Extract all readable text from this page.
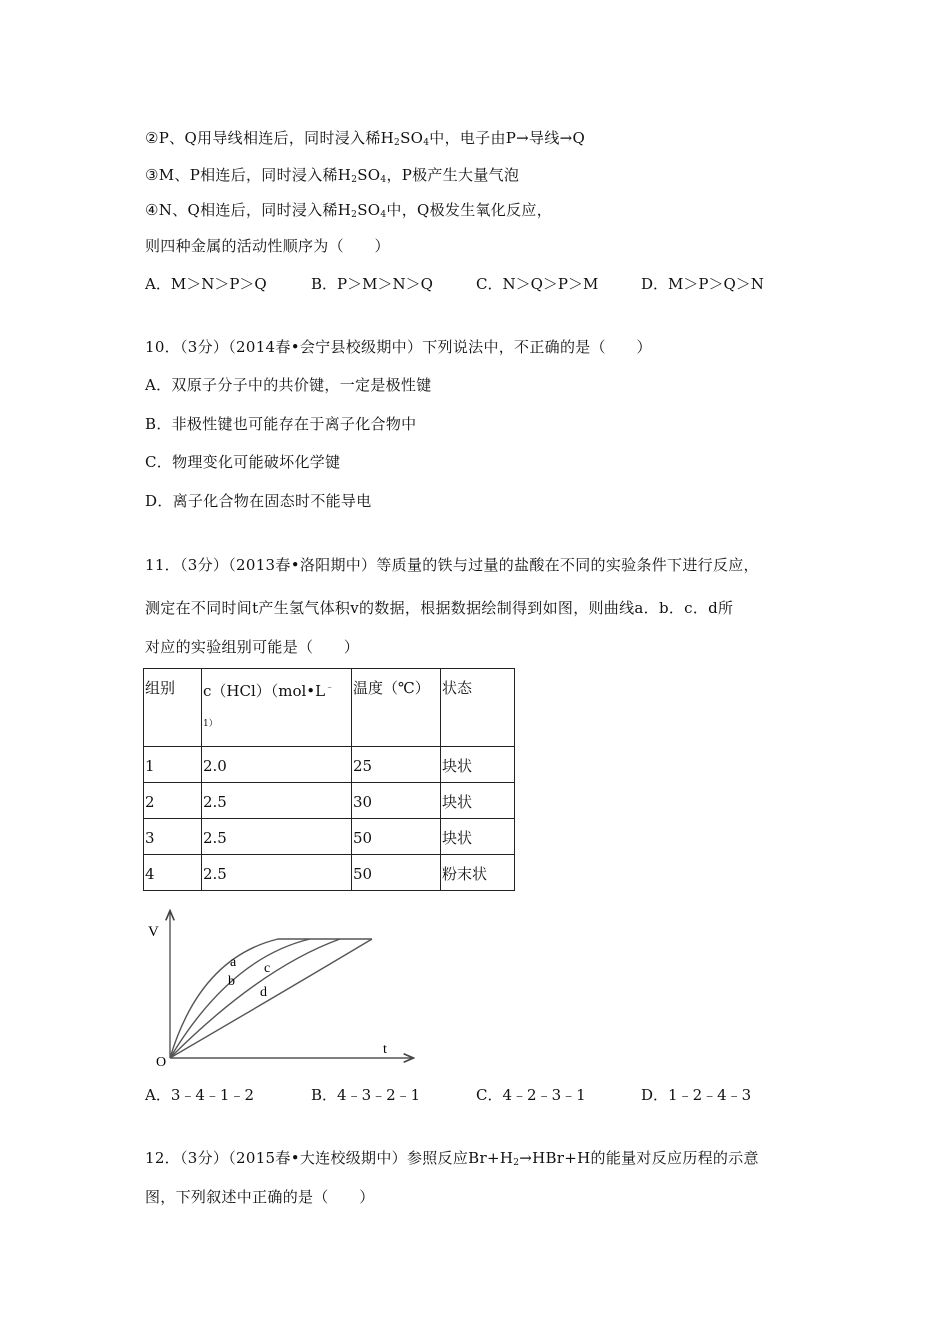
②P、Q用导线相连后，同时浸入稀$H_2SO_4$中，电子由P→导线→Q
③M、P相连后，同时浸入稀$H_2SO_4$，P极产生大量气泡
④N、Q相连后，同时浸入稀$H_2SO_4$中，Q极发生氧化反应，
则四种金属的活动性顺序为（　　）
A．M＞N＞P＞Q	B．P＞M＞N＞Q	C．N＞Q＞P＞M	D．M＞P＞Q＞N
10．（3分）（2014春•会宁县校级期中）下列说法中，不正确的是（　　）
A．双原子分子中的共价键，一定是极性键
B．非极性键也可能存在于离子化合物中
C．物理变化可能破坏化学键
D．离子化合物在固态时不能导电
11．（3分）（2013春•洛阳期中）等质量的铁与过量的盐酸在不同的实验条件下进行反应，
测定在不同时间t产生氢气体积v的数据，根据数据绘制得到如图，则曲线a．b．c．d所
对应的实验组别可能是（　　）
组别	c（HCl）（mol•L﹣
1）	温度（℃）	状态
1	2.0	25	块状
2	2.5	30	块状
3	2.5	50	块状
4	2.5	50	粉末状
V
t
O
a
b
c
d
A．3﹣4﹣1﹣2	B．4﹣3﹣2﹣1	C．4﹣2﹣3﹣1	D．1﹣2﹣4﹣3
12．（3分）（2015春•大连校级期中）参照反应$Br+H_2\to HBr+H$的能量对反应历程的示意
图，下列叙述中正确的是（　　）
